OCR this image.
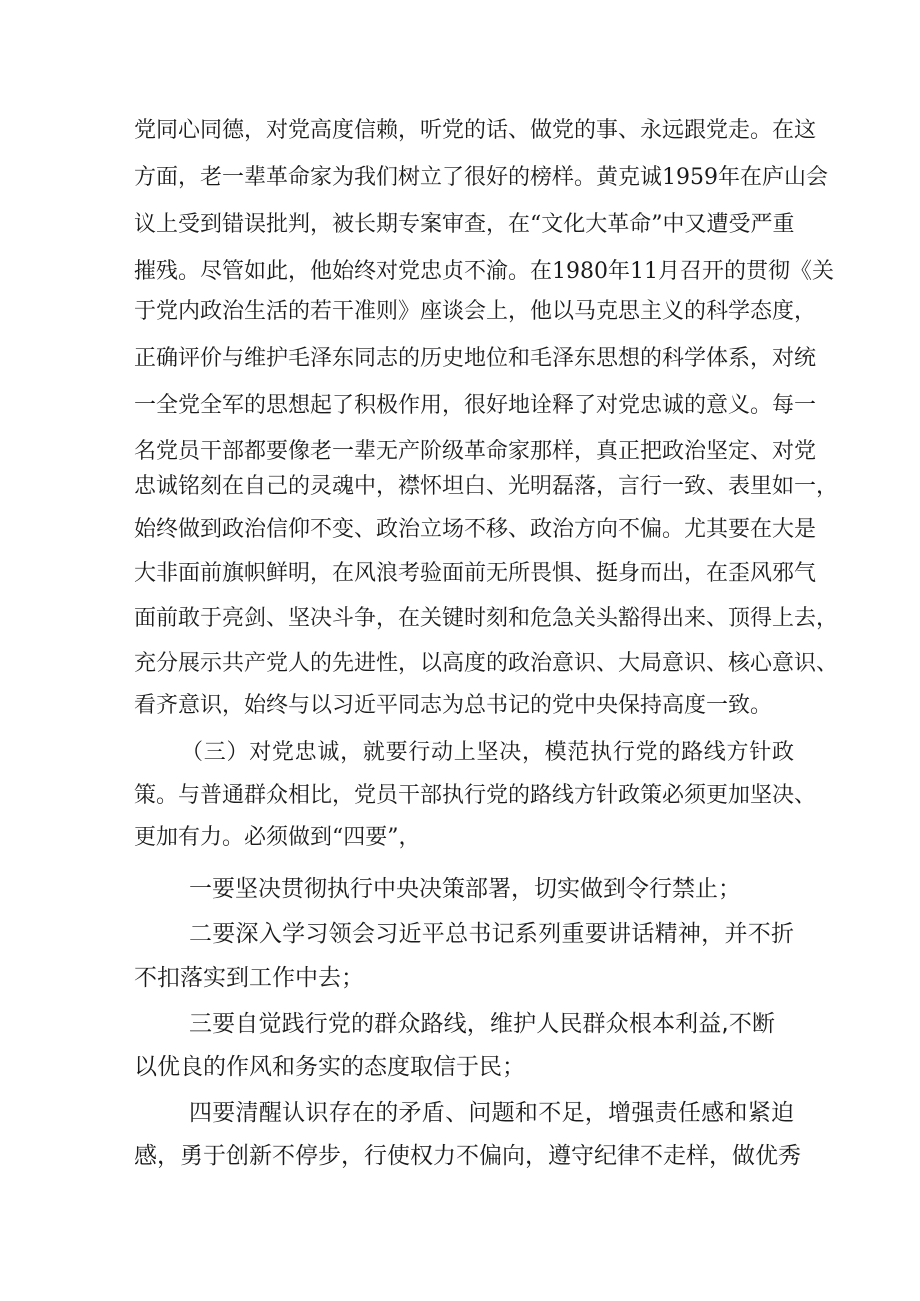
党同心同德，对党高度信赖，听党的话、做党的事、永远跟党走。在这
方面，老一辈革命家为我们树立了很好的榜样。黄克诚1959年在庐山会
议上受到错误批判，被长期专案审查，在“文化大革命”中又遭受严重
摧残。尽管如此，他始终对党忠贞不渝。在1980年11月召开的贯彻《关
于党内政治生活的若干准则》座谈会上，他以马克思主义的科学态度，
正确评价与维护毛泽东同志的历史地位和毛泽东思想的科学体系，对统
一全党全军的思想起了积极作用，很好地诠释了对党忠诚的意义。每一
名党员干部都要像老一辈无产阶级革命家那样，真正把政治坚定、对党
忠诚铭刻在自己的灵魂中，襟怀坦白、光明磊落，言行一致、表里如一，
始终做到政治信仰不变、政治立场不移、政治方向不偏。尤其要在大是
大非面前旗帜鲜明，在风浪考验面前无所畏惧、挺身而出，在歪风邪气
面前敢于亮剑、坚决斗争，在关键时刻和危急关头豁得出来、顶得上去，
充分展示共产党人的先进性，以高度的政治意识、大局意识、核心意识、
看齐意识，始终与以习近平同志为总书记的党中央保持高度一致。
（三）对党忠诚，就要行动上坚决，模范执行党的路线方针政
策。与普通群众相比，党员干部执行党的路线方针政策必须更加坚决、
更加有力。必须做到“四要”，
一要坚决贯彻执行中央决策部署，切实做到令行禁止；
二要深入学习领会习近平总书记系列重要讲话精神，并不折
不扣落实到工作中去；
三要自觉践行党的群众路线，维护人民群众根本利益,不断
以优良的作风和务实的态度取信于民；
四要清醒认识存在的矛盾、问题和不足，增强责任感和紧迫
感，勇于创新不停步，行使权力不偏向，遵守纪律不走样，做优秀
